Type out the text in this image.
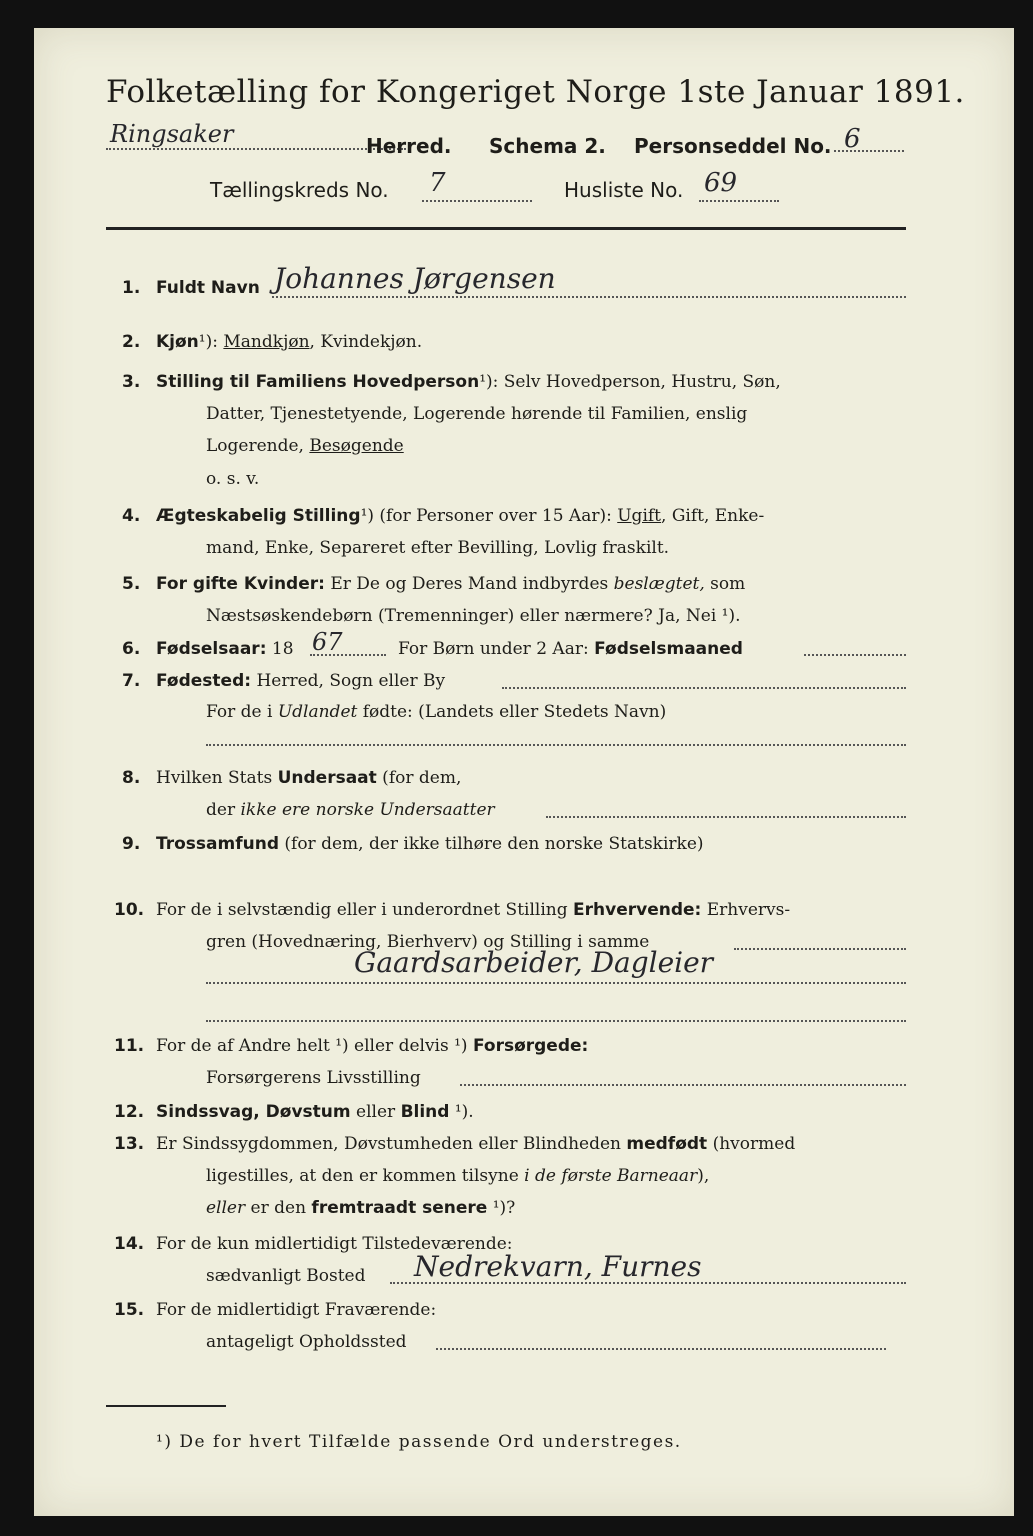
Folketælling for Kongeriget Norge 1ste Januar 1891.
Ringsaker	Herred. Schema 2. Personseddel No. 6
Tællingskreds No. 7	Husliste No. 69
1. Fuldt Navn Johannes Jørgensen
2. Kjøn¹): Mandkjøn, Kvindekjøn.
3. Stilling til Familiens Hovedperson¹): Selv Hovedperson, Hustru, Søn,
Datter, Tjenestetyende, Logerende hørende til Familien, enslig
Logerende, Besøgende
o. s. v.
4. Ægteskabelig Stilling¹) (for Personer over 15 Aar): Ugift, Gift, Enke-
mand, Enke, Separeret efter Bevilling, Lovlig fraskilt.
5. For gifte Kvinder: Er De og Deres Mand indbyrdes beslægtet, som
Næstsøskendebørn (Tremenninger) eller nærmere? Ja, Nei ¹).
6. Fødselsaar: 18 67	For Børn under 2 Aar: Fødselsmaaned
7. Fødested: Herred, Sogn eller By
For de i Udlandet fødte: (Landets eller Stedets Navn)
8. Hvilken Stats Undersaat (for dem,
der ikke ere norske Undersaatter
9. Trossamfund (for dem, der ikke tilhøre den norske Statskirke)
10. For de i selvstændig eller i underordnet Stilling Erhvervende: Erhvervs-
gren (Hovednæring, Bierhverv) og Stilling i samme
Gaardsarbeider, Dagleier
11. For de af Andre helt ¹) eller delvis ¹) Forsørgede:
Forsørgerens Livsstilling
12. Sindssvag, Døvstum eller Blind ¹).
13. Er Sindssygdommen, Døvstumheden eller Blindheden medfødt (hvormed
ligestilles, at den er kommen tilsyne i de første Barneaar),
eller er den fremtraadt senere ¹)?
14. For de kun midlertidigt Tilstedeværende:
sædvanligt Bosted Nedrekvarn, Furnes
15. For de midlertidigt Fraværende:
antageligt Opholdssted
¹) De for hvert Tilfælde passende Ord understreges.
